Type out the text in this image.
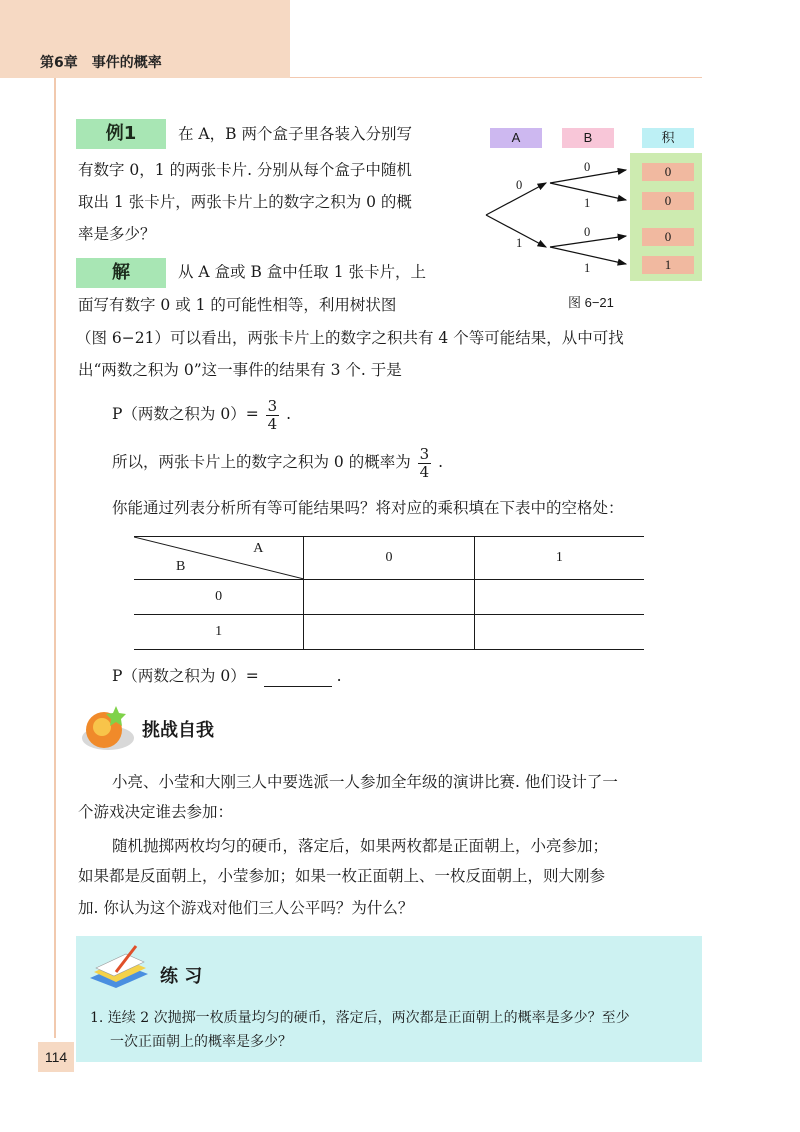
第6章　事件的概率
例1	在 A，B 两个盒子里各装入分别写
有数字 0，1 的两张卡片. 分别从每个盒子中随机
取出 1 张卡片，两张卡片上的数字之积为 0 的概
率是多少？
A	B	积
0
0
0
1
0
1
0
1
0
1
图 6−21
解	从 A 盒或 B 盒中任取 1 张卡片，上
面写有数字 0 或 1 的可能性相等，利用树状图
（图 6−21）可以看出，两张卡片上的数字之积共有 4 个等可能结果，从中可找
出“两数之积为 0”这一事件的结果有 3 个. 于是
P（两数之积为 $0)= \frac{3}{4}$ .
所以，两张卡片上的数字之积为 0 的概率为 $\frac{3}{4}$ .
你能通过列表分析所有等可能结果吗？将对应的乘积填在下表中的空格处：
A
B	0	1
0		
1		
P（两数之积为 0）=	.
挑战自我
小亮、小莹和大刚三人中要选派一人参加全年级的演讲比赛. 他们设计了一
个游戏决定谁去参加：
随机抛掷两枚均匀的硬币，落定后，如果两枚都是正面朝上，小亮参加；
如果都是反面朝上，小莹参加；如果一枚正面朝上、一枚反面朝上，则大刚参
加. 你认为这个游戏对他们三人公平吗？为什么？
练 习
1. 连续 2 次抛掷一枚质量均匀的硬币，落定后，两次都是正面朝上的概率是多少？至少
一次正面朝上的概率是多少？
114
